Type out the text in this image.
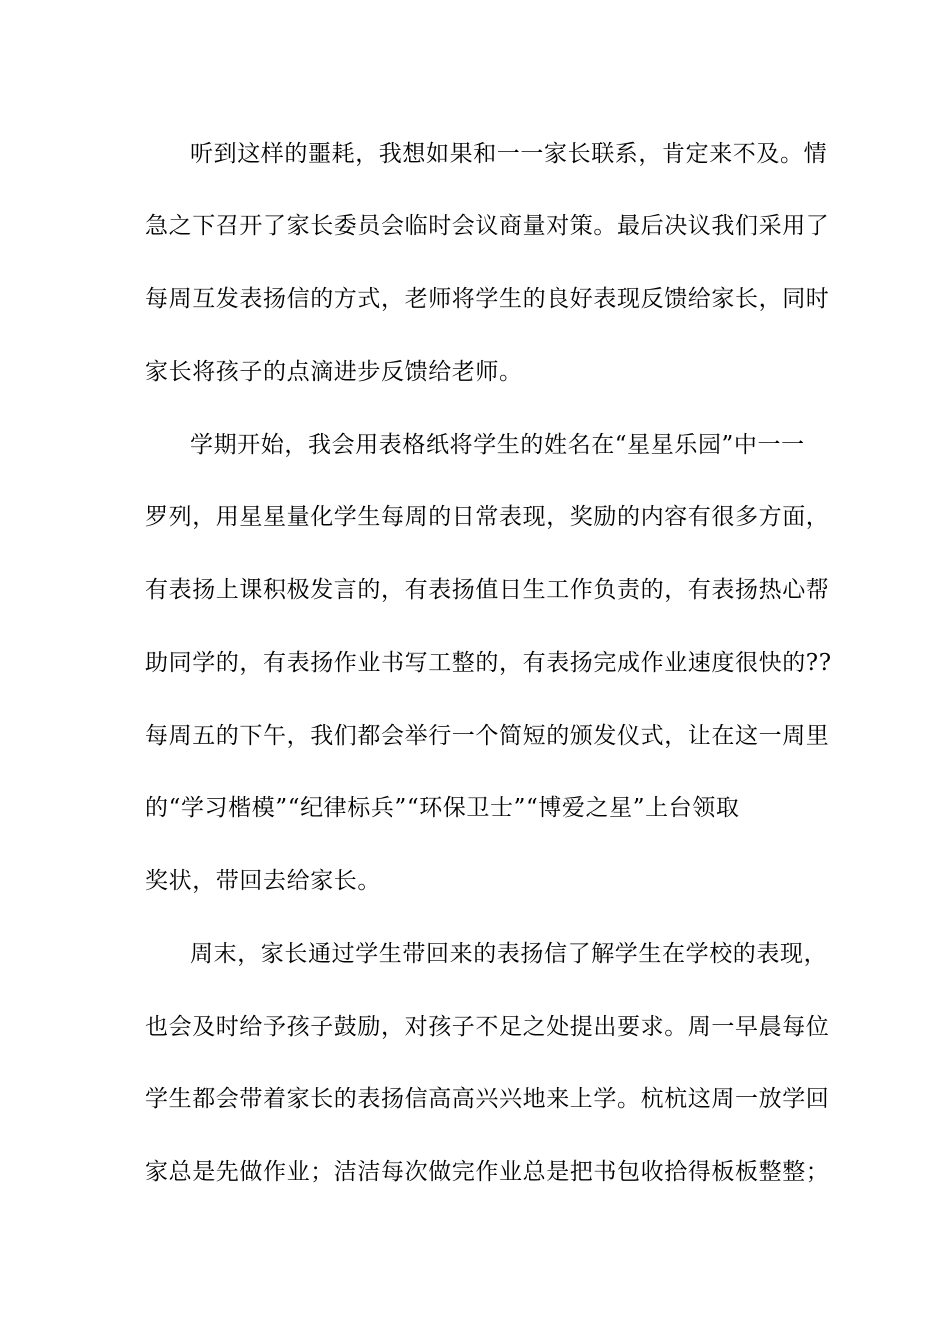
听到这样的噩耗，我想如果和一一家长联系，肯定来不及。情
急之下召开了家长委员会临时会议商量对策。最后决议我们采用了
每周互发表扬信的方式，老师将学生的良好表现反馈给家长，同时
家长将孩子的点滴进步反馈给老师。
学期开始，我会用表格纸将学生的姓名在“星星乐园”中一一
罗列，用星星量化学生每周的日常表现，奖励的内容有很多方面，
有表扬上课积极发言的，有表扬值日生工作负责的，有表扬热心帮
助同学的，有表扬作业书写工整的，有表扬完成作业速度很快的??
每周五的下午，我们都会举行一个简短的颁发仪式，让在这一周里
的“学习楷模”“纪律标兵”“环保卫士”“博爱之星”上台领取
奖状，带回去给家长。
周末，家长通过学生带回来的表扬信了解学生在学校的表现，
也会及时给予孩子鼓励，对孩子不足之处提出要求。周一早晨每位
学生都会带着家长的表扬信高高兴兴地来上学。杭杭这周一放学回
家总是先做作业；洁洁每次做完作业总是把书包收拾得板板整整；
